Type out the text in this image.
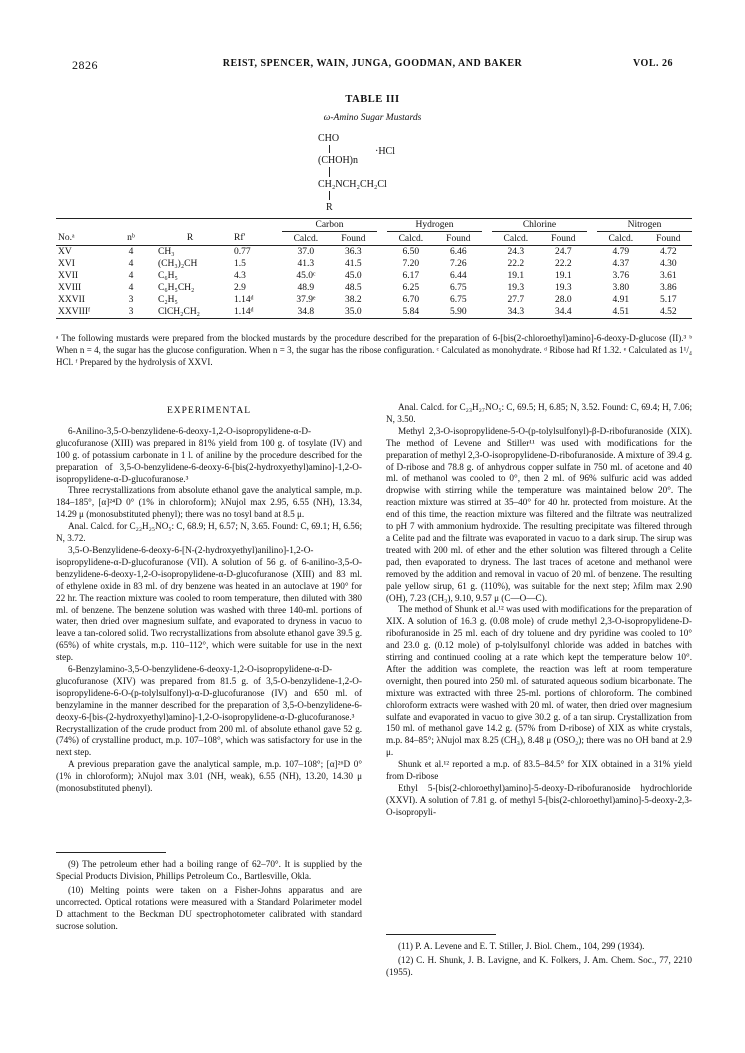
2826	REIST, SPENCER, WAIN, JUNGA, GOODMAN, AND BAKER	VOL. 26
TABLE III
ω-Amino Sugar Mustards
CHO
·HCl
(CHOH)n
CH₂NCH₂CH₂Cl
R
				Carbon			Hydrogen			Chlorine			Nitrogen	
No.ᵃ	nᵇ	R	Rf'	Calcd.	Found		Calcd.	Found		Calcd.	Found		Calcd.	Found
XV	4	CH₃	0.77	37.0	36.3		6.50	6.46		24.3	24.7		4.79	4.72
XVI	4	(CH₃)₂CH	1.5	41.3	41.5		7.20	7.26		22.2	22.2		4.37	4.30
XVII	4	C₆H₅	4.3	45.0ᶜ	45.0		6.17	6.44		19.1	19.1		3.76	3.61
XVIII	4	C₆H₅CH₂	2.9	48.9	48.5		6.25	6.75		19.3	19.3		3.80	3.86
XXVII	3	C₂H₅	1.14ᵈ	37.9ᵉ	38.2		6.70	6.75		27.7	28.0		4.91	5.17
XXVIIIᶠ	3	ClCH₂CH₂	1.14ᵈ	34.8	35.0		5.84	5.90		34.3	34.4		4.51	4.52
ᵃ The following mustards were prepared from the blocked mustards by the procedure described for the preparation of 6-[bis(2-chloroethyl)amino]-6-deoxy-D-glucose (II).³ ᵇ When n = 4, the sugar has the glucose configuration. When n = 3, the sugar has the ribose configuration. ᶜ Calculated as monohydrate. ᵈ Ribose had Rf 1.32. ᵉ Calculated as 1¹/₄ HCl. ᶠ Prepared by the hydrolysis of XXVI.

EXPERIMENTAL

6-Anilino-3,5-O-benzylidene-6-deoxy-1,2-O-isopropylidene-α-D-glucofuranose (XIII) was prepared in 81% yield from 100 g. of tosylate (IV) and 100 g. of potassium carbonate in 1 l. of aniline by the procedure described for the preparation of 3,5-O-benzylidene-6-deoxy-6-[bis(2-hydroxyethyl)amino]-1,2-O-isopropylidene-α-D-glucofuranose.³

Three recrystallizations from absolute ethanol gave the analytical sample, m.p. 184–185°, [α]²⁴D 0° (1% in chloroform); λNujol max 2.95, 6.55 (NH), 13.34, 14.29 μ (monosubstituted phenyl); there was no tosyl band at 8.5 μ.

Anal. Calcd. for C₂₂H₂₅NO₅: C, 68.9; H, 6.57; N, 3.65. Found: C, 69.1; H, 6.56; N, 3.72.

3,5-O-Benzylidene-6-deoxy-6-[N-(2-hydroxyethyl)anilino]-1,2-O-isopropylidene-α-D-glucofuranose (VII). A solution of 56 g. of 6-anilino-3,5-O-benzylidene-6-deoxy-1,2-O-isopropylidene-α-D-glucofuranose (XIII) and 83 ml. of ethylene oxide in 83 ml. of dry benzene was heated in an autoclave at 190° for 22 hr. The reaction mixture was cooled to room temperature, then diluted with 380 ml. of benzene. The benzene solution was washed with three 140-ml. portions of water, then dried over magnesium sulfate, and evaporated to dryness in vacuo to leave a tan-colored solid. Two recrystallizations from absolute ethanol gave 39.5 g. (65%) of white crystals, m.p. 110–112°, which were suitable for use in the next step.

6-Benzylamino-3,5-O-benzylidene-6-deoxy-1,2-O-isopropylidene-α-D-glucofuranose (XIV) was prepared from 81.5 g. of 3,5-O-benzylidene-1,2-O-isopropylidene-6-O-(p-tolylsulfonyl)-α-D-glucofuranose (IV) and 650 ml. of benzylamine in the manner described for the preparation of 3,5-O-benzylidene-6-deoxy-6-[bis-(2-hydroxyethyl)amino]-1,2-O-isopropylidene-α-D-glucofuranose.³ Recrystallization of the crude product from 200 ml. of absolute ethanol gave 52 g. (74%) of crystalline product, m.p. 107–108°, which was satisfactory for use in the next step.

A previous preparation gave the analytical sample, m.p. 107–108°; [α]²⁶D 0° (1% in chloroform); λNujol max 3.01 (NH, weak), 6.55 (NH), 13.20, 14.30 μ (monosubstituted phenyl).

Anal. Calcd. for C₂₃H₂₇NO₅: C, 69.5; H, 6.85; N, 3.52. Found: C, 69.4; H, 7.06; N, 3.50.

Methyl 2,3-O-isopropylidene-5-O-(p-tolylsulfonyl)-β-D-ribofuranoside (XIX). The method of Levene and Stiller¹¹ was used with modifications for the preparation of methyl 2,3-O-isopropylidene-D-ribofuranoside. A mixture of 39.4 g. of D-ribose and 78.8 g. of anhydrous copper sulfate in 750 ml. of acetone and 40 ml. of methanol was cooled to 0°, then 2 ml. of 96% sulfuric acid was added dropwise with stirring while the temperature was maintained below 20°. The reaction mixture was stirred at 35–40° for 40 hr. protected from moisture. At the end of this time, the reaction mixture was filtered and the filtrate was neutralized to pH 7 with ammonium hydroxide. The resulting precipitate was filtered through a Celite pad and the filtrate was evaporated in vacuo to a dark sirup. The sirup was treated with 200 ml. of ether and the ether solution was filtered through a Celite pad, then evaporated to dryness. The last traces of acetone and methanol were removed by the addition and removal in vacuo of 20 ml. of benzene. The resulting pale yellow sirup, 61 g. (110%), was suitable for the next step; λfilm max 2.90 (OH), 7.23 (CH₃), 9.10, 9.57 μ (C—O—C).

The method of Shunk et al.¹² was used with modifications for the preparation of XIX. A solution of 16.3 g. (0.08 mole) of crude methyl 2,3-O-isopropylidene-D-ribofuranoside in 25 ml. each of dry toluene and dry pyridine was cooled to 10° and 23.0 g. (0.12 mole) of p-tolylsulfonyl chloride was added in batches with stirring and continued cooling at a rate which kept the temperature below 10°. After the addition was complete, the reaction was left at room temperature overnight, then poured into 250 ml. of saturated aqueous sodium bicarbonate. The mixture was extracted with three 25-ml. portions of chloroform. The combined chloroform extracts were washed with 20 ml. of water, then dried over magnesium sulfate and evaporated in vacuo to give 30.2 g. of a tan sirup. Crystallization from 150 ml. of methanol gave 14.2 g. (57% from D-ribose) of XIX as white crystals, m.p. 84–85°; λNujol max 8.25 (CH₃), 8.48 μ (OSO₂); there was no OH band at 2.9 μ.

Shunk et al.¹² reported a m.p. of 83.5–84.5° for XIX obtained in a 31% yield from D-ribose

Ethyl 5-[bis(2-chloroethyl)amino]-5-deoxy-D-ribofuranoside hydrochloride (XXVI). A solution of 7.81 g. of methyl 5-[bis(2-chloroethyl)amino]-5-deoxy-2,3-O-isopropyli-

(9) The petroleum ether had a boiling range of 62–70°. It is supplied by the Special Products Division, Phillips Petroleum Co., Bartlesville, Okla.

(10) Melting points were taken on a Fisher-Johns apparatus and are uncorrected. Optical rotations were measured with a Standard Polarimeter model D attachment to the Beckman DU spectrophotometer calibrated with standard sucrose solution.

(11) P. A. Levene and E. T. Stiller, J. Biol. Chem., 104, 299 (1934).

(12) C. H. Shunk, J. B. Lavigne, and K. Folkers, J. Am. Chem. Soc., 77, 2210 (1955).
